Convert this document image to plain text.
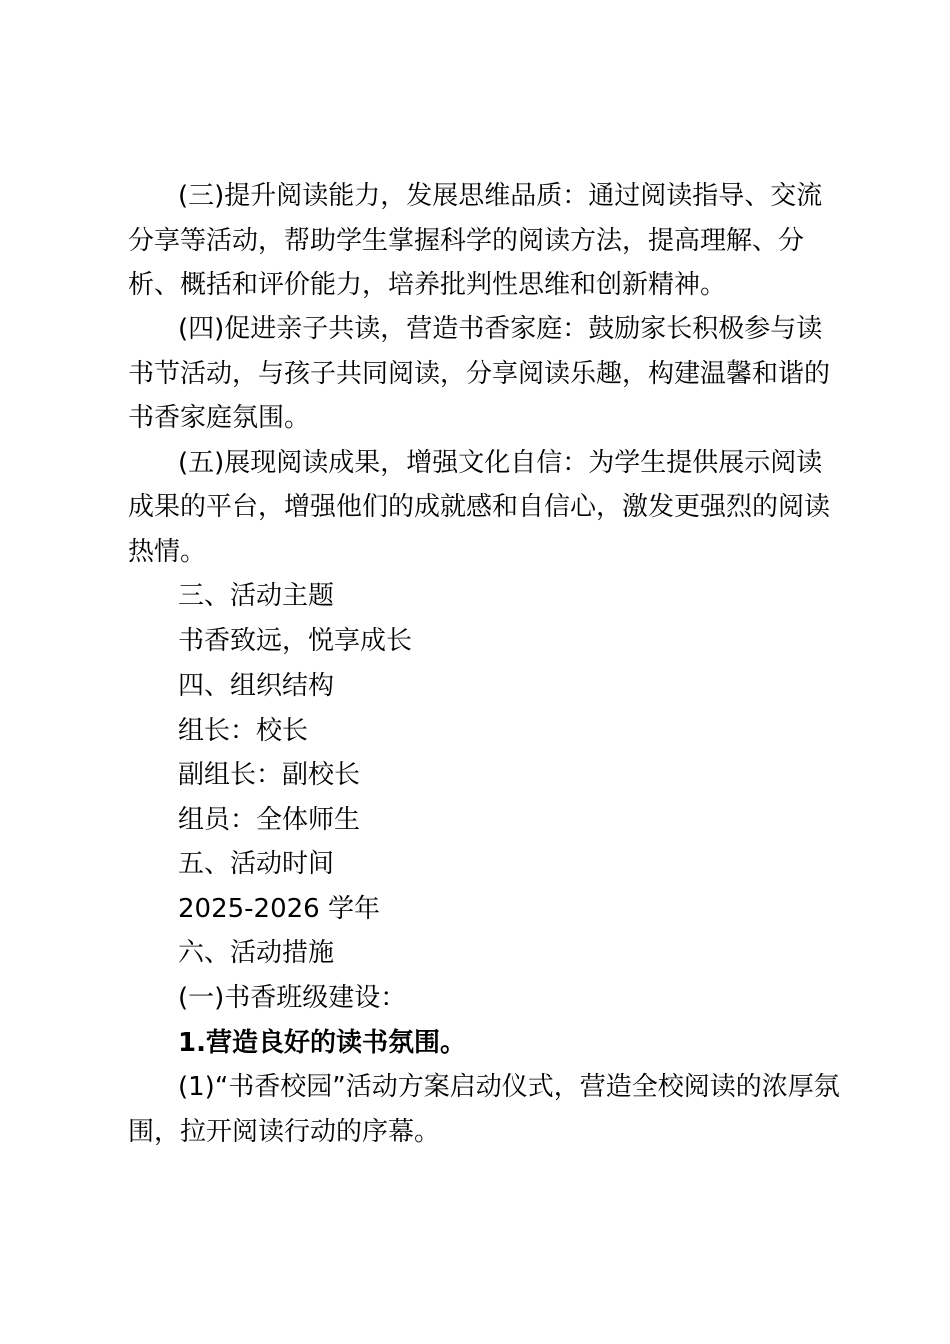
(三)提升阅读能力，发展思维品质：通过阅读指导、交流
分享等活动，帮助学生掌握科学的阅读方法，提高理解、分
析、概括和评价能力，培养批判性思维和创新精神。
(四)促进亲子共读，营造书香家庭：鼓励家长积极参与读
书节活动，与孩子共同阅读，分享阅读乐趣，构建温馨和谐的
书香家庭氛围。
(五)展现阅读成果，增强文化自信：为学生提供展示阅读
成果的平台，增强他们的成就感和自信心，激发更强烈的阅读
热情。
三、活动主题
书香致远，悦享成长
四、组织结构
组长：校长
副组长：副校长
组员：全体师生
五、活动时间
2025-2026 学年
六、活动措施
(一)书香班级建设：
1.营造良好的读书氛围。
(1)“书香校园”活动方案启动仪式，营造全校阅读的浓厚氛
围，拉开阅读行动的序幕。
